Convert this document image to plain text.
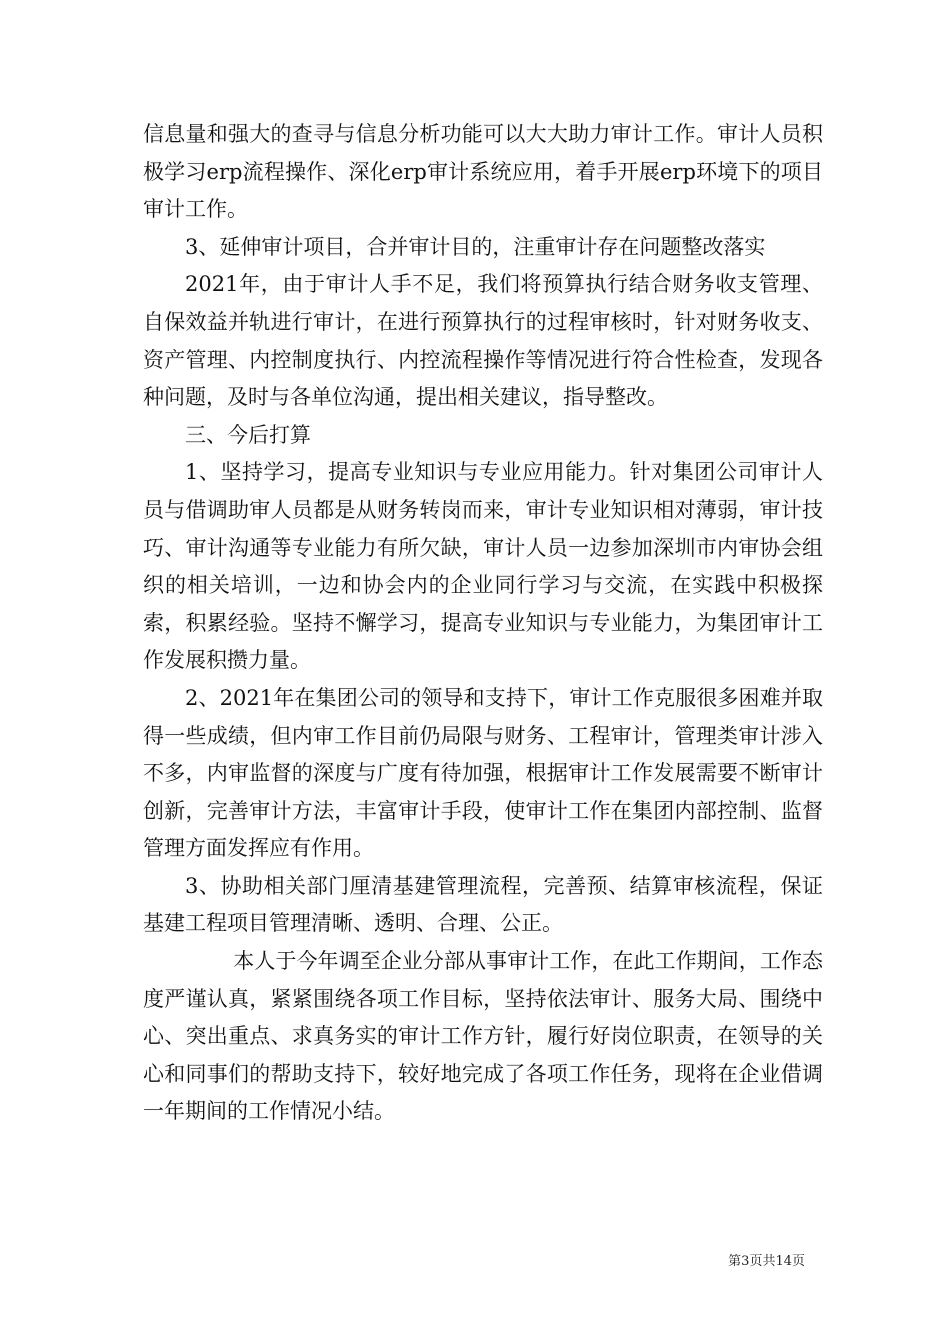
信息量和强大的查寻与信息分析功能可以大大助力审计工作。审计人员积极学习erp流程操作、深化erp审计系统应用，着手开展erp环境下的项目审计工作。

3、延伸审计项目，合并审计目的，注重审计存在问题整改落实

2021年，由于审计人手不足，我们将预算执行结合财务收支管理、自保效益并轨进行审计，在进行预算执行的过程审核时，针对财务收支、资产管理、内控制度执行、内控流程操作等情况进行符合性检查，发现各种问题，及时与各单位沟通，提出相关建议，指导整改。

三、今后打算

1、坚持学习，提高专业知识与专业应用能力。针对集团公司审计人员与借调助审人员都是从财务转岗而来，审计专业知识相对薄弱，审计技巧、审计沟通等专业能力有所欠缺，审计人员一边参加深圳市内审协会组织的相关培训，一边和协会内的企业同行学习与交流，在实践中积极探索，积累经验。坚持不懈学习，提高专业知识与专业能力，为集团审计工作发展积攒力量。

2、2021年在集团公司的领导和支持下，审计工作克服很多困难并取得一些成绩，但内审工作目前仍局限与财务、工程审计，管理类审计涉入不多，内审监督的深度与广度有待加强，根据审计工作发展需要不断审计创新，完善审计方法，丰富审计手段，使审计工作在集团内部控制、监督管理方面发挥应有作用。

3、协助相关部门厘清基建管理流程，完善预、结算审核流程，保证基建工程项目管理清晰、透明、合理、公正。

本人于今年调至企业分部从事审计工作，在此工作期间，工作态度严谨认真，紧紧围绕各项工作目标，坚持依法审计、服务大局、围绕中心、突出重点、求真务实的审计工作方针，履行好岗位职责，在领导的关心和同事们的帮助支持下，较好地完成了各项工作任务，现将在企业借调一年期间的工作情况小结。

第3页共14页
